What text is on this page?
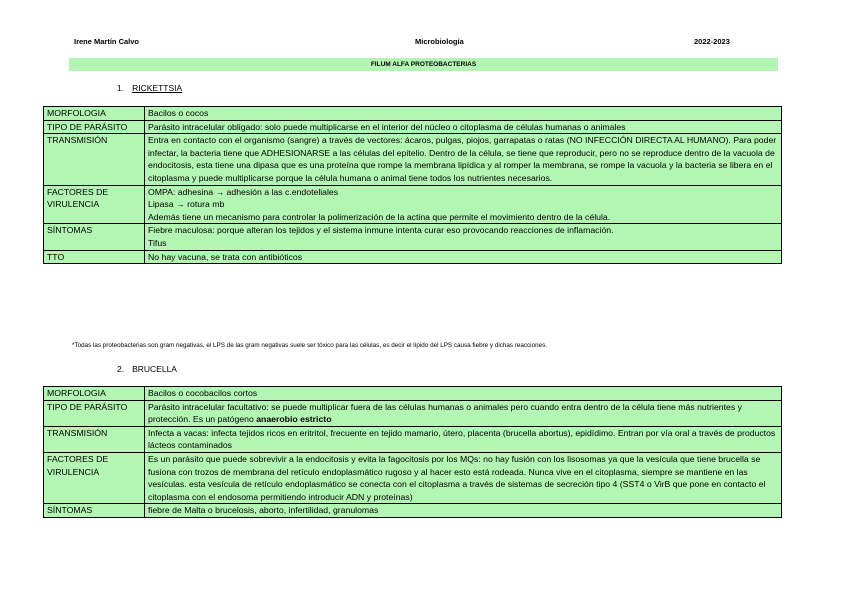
Irene Martín Calvo	Microbiología	2022-2023
FILUM ALFA PROTEOBACTERIAS
1. RICKETTSIA
MORFOLOGIA	Bacilos o cocos
TIPO DE PARÁSITO	Parásito intracelular obligado: solo puede multiplicarse en el interior del núcleo o citoplasma de células humanas o animales
TRANSMISIÓN	Entra en contacto con el organismo (sangre) a través de vectores: ácaros, pulgas, piojos, garrapatas o ratas (NO INFECCIÓN DIRECTA AL HUMANO). Para poder infectar, la bacteria tiene que ADHESIONARSE a las células del epitelio. Dentro de la célula, se tiene que reproducir, pero no se reproduce dentro de la vacuola de endocitosis, esta tiene una dipasa que es una proteína que rompe la membrana lipídica y al romper la membrana, se rompe la vacuola y la bacteria se libera en el citoplasma y puede multiplicarse porque la célula humana o animal tiene todos los nutrientes necesarios.
FACTORES DE VIRULENCIA	OMPA: adhesina → adhesión a las c.endoteliales
Lipasa → rotura mb
Además tiene un mecanismo para controlar la polimerización de la actina que permite el movimiento dentro de la célula.

SÍNTOMAS	Fiebre maculosa: porque alteran los tejidos y el sistema inmune intenta curar eso provocando reacciones de inflamación.
Tifus

TTO	No hay vacuna, se trata con antibióticos
*Todas las proteobacterias son gram negativas, el LPS de las gram negativas suele ser tóxico para las células, es decir el lípido del LPS causa fiebre y dichas reacciones.
2. BRUCELLA
MORFOLOGIA	Bacilos o cocobacilos cortos
TIPO DE PARÁSITO	Parásito intracelular facultativo: se puede multiplicar fuera de las células humanas o animales pero cuando entra dentro de la célula tiene más nutrientes y protección. Es un patógeno anaerobio estricto
TRANSMISIÓN	Infecta a vacas: infecta tejidos ricos en eritritol, frecuente en tejido mamario, útero, placenta (brucella abortus), epidídimo. Entran por vía oral a través de productos lácteos contaminados
FACTORES DE VIRULENCIA	Es un parásito que puede sobrevivir a la endocitosis y evita la fagocitosis por los MQs: no hay fusión con los lisosomas ya que la vesícula que tiene brucella se fusiona con trozos de membrana del retículo endoplasmático rugoso y al hacer esto está rodeada. Nunca vive en el citoplasma, siempre se mantiene en las vesículas. esta vesícula de retículo endoplasmático se conecta con el citoplasma a través de sistemas de secreción tipo 4 (SST4 o VirB que pone en contacto el citoplasma con el endosoma permitiendo introducir ADN y proteínas)
SÍNTOMAS	fiebre de Malta o brucelosis, aborto, infertilidad, granulomas
